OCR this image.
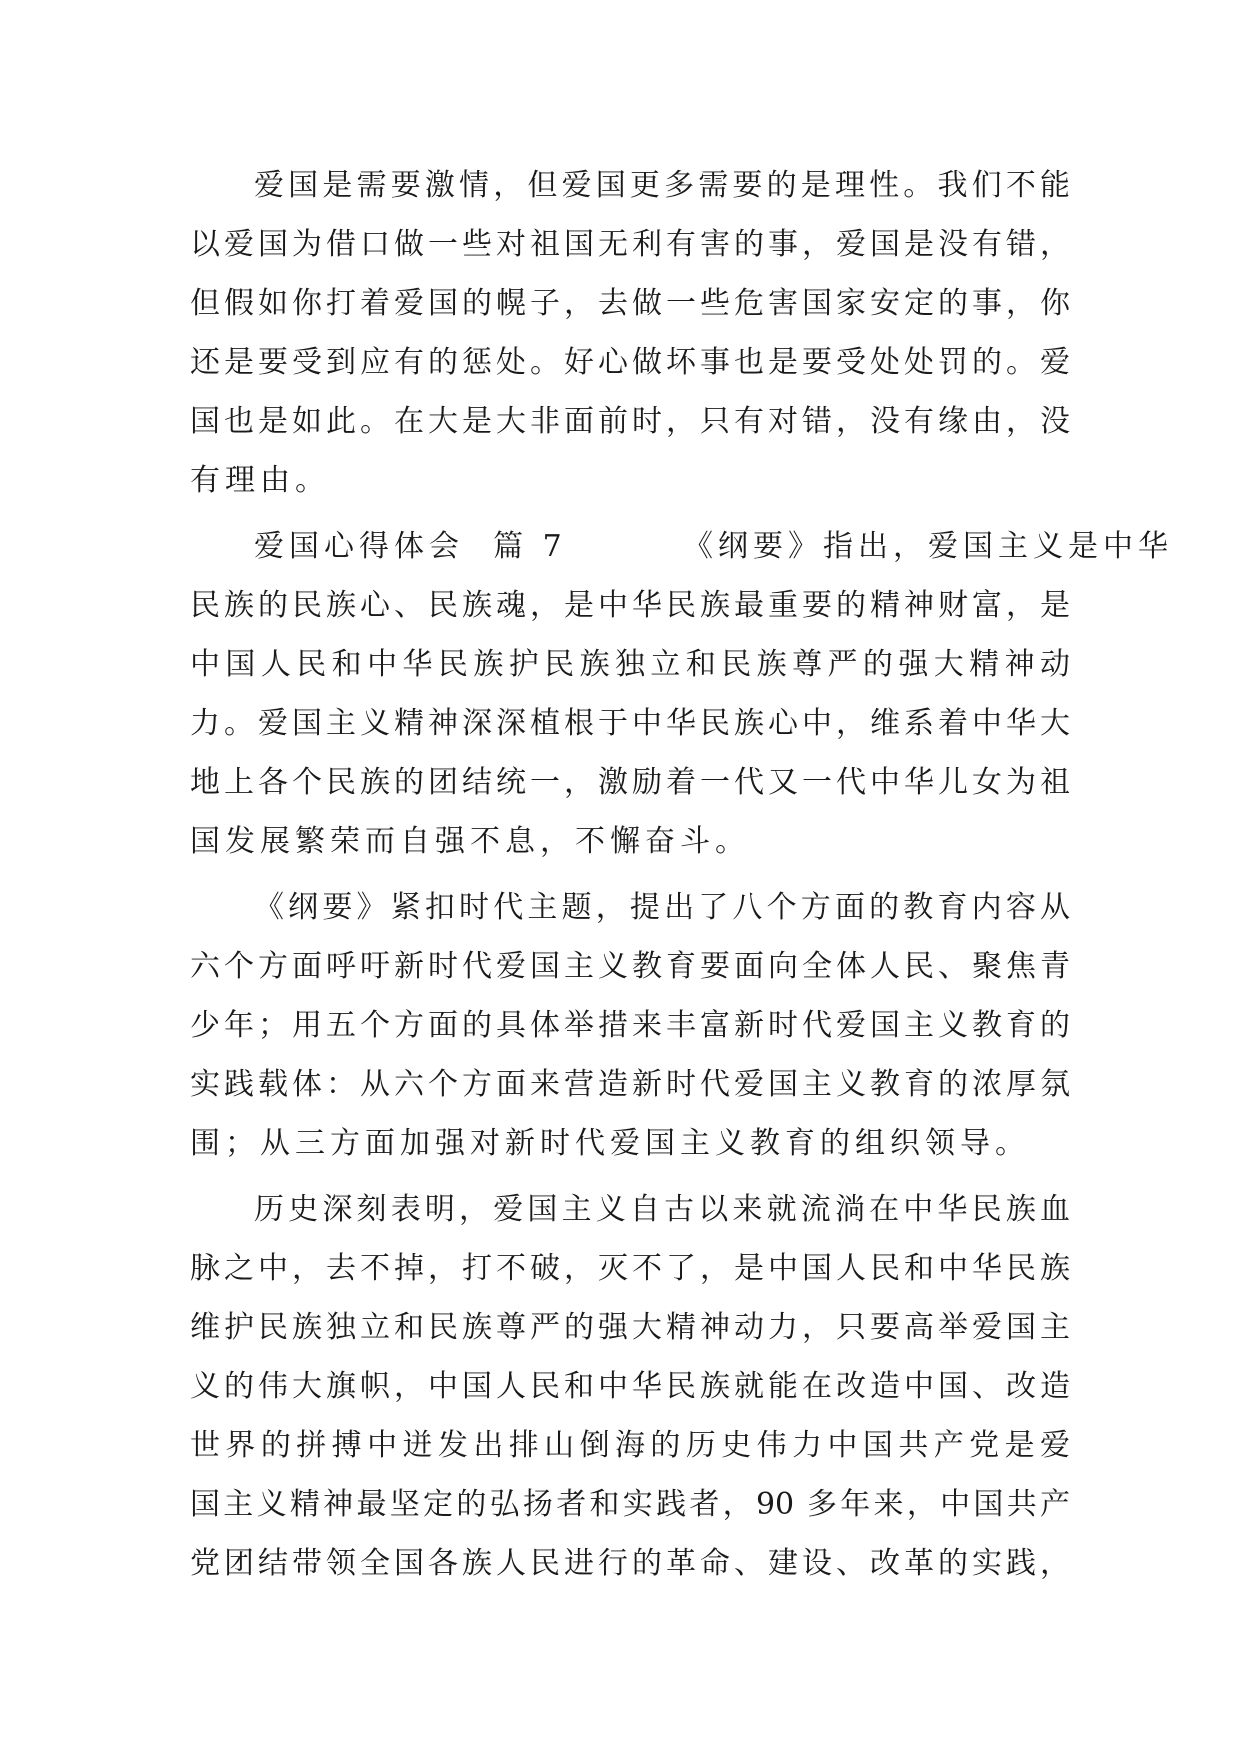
爱国是需要激情，但爱国更多需要的是理性。我们不能
以爱国为借口做一些对祖国无利有害的事，爱国是没有错，
但假如你打着爱国的幌子，去做一些危害国家安定的事，你
还是要受到应有的惩处。好心做坏事也是要受处处罚的。爱
国也是如此。在大是大非面前时，只有对错，没有缘由，没
有理由。
爱国心得体会  篇 7        《纲要》指出，爱国主义是中华
民族的民族心、民族魂，是中华民族最重要的精神财富，是
中国人民和中华民族护民族独立和民族尊严的强大精神动
力。爱国主义精神深深植根于中华民族心中，维系着中华大
地上各个民族的团结统一，激励着一代又一代中华儿女为祖
国发展繁荣而自强不息，不懈奋斗。
《纲要》紧扣时代主题，提出了八个方面的教育内容从
六个方面呼吁新时代爱国主义教育要面向全体人民、聚焦青
少年；用五个方面的具体举措来丰富新时代爱国主义教育的
实践载体：从六个方面来营造新时代爱国主义教育的浓厚氛
围；从三方面加强对新时代爱国主义教育的组织领导。
历史深刻表明，爱国主义自古以来就流淌在中华民族血
脉之中，去不掉，打不破，灭不了，是中国人民和中华民族
维护民族独立和民族尊严的强大精神动力，只要高举爱国主
义的伟大旗帜，中国人民和中华民族就能在改造中国、改造
世界的拼搏中迸发出排山倒海的历史伟力中国共产党是爱
国主义精神最坚定的弘扬者和实践者，90 多年来，中国共产
党团结带领全国各族人民进行的革命、建设、改革的实践，
